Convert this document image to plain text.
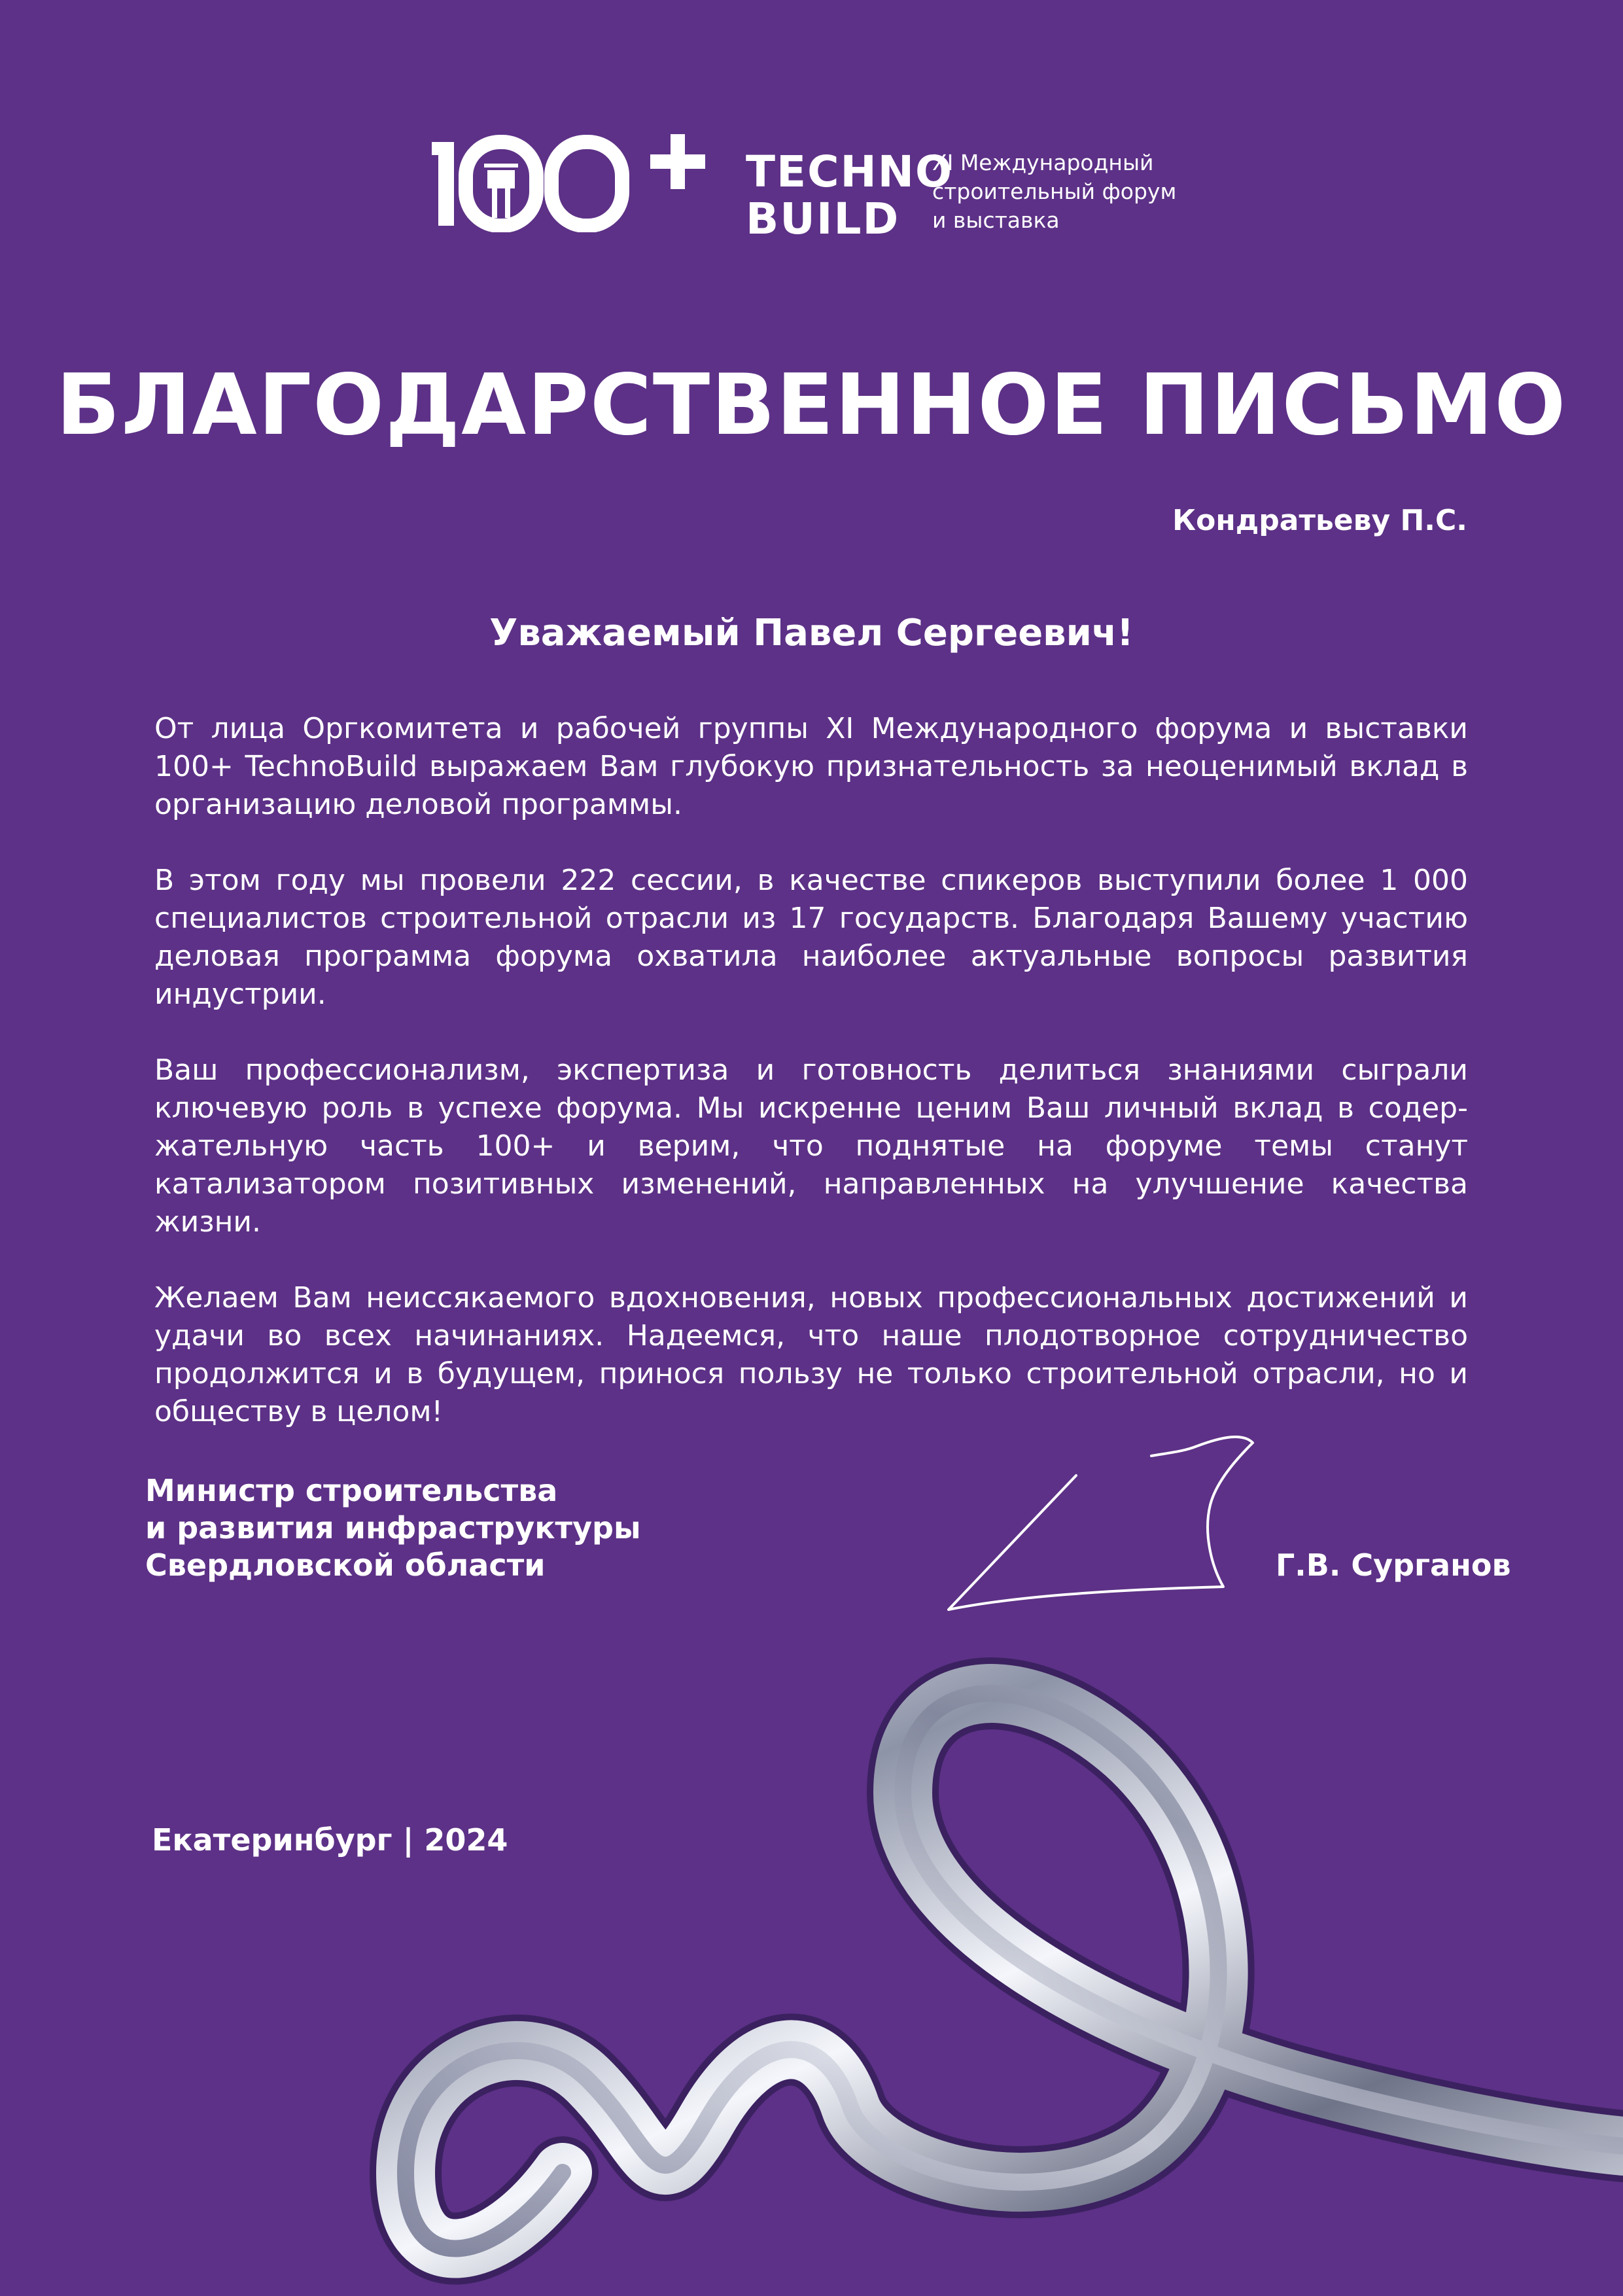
TECHNO
BUILD
XI Международный
строительный форум
и выставка
БЛАГОДАРСТВЕННОЕ ПИСЬМО
Кондратьеву П.С.
Уважаемый Павел Сергеевич!

От лица Оргкомитета и рабочей группы XI Международного форума и выставки 100+ TechnoBuild выражаем Вам глубокую признательность за неоценимый вклад в организацию деловой программы.

В этом году мы провели 222 сессии, в качестве спикеров выступили более 1 000 специалистов строительной отрасли из 17 государств. Благодаря Вашему участию деловая программа форума охватила наиболее актуальные вопросы развития индустрии.

Ваш профессионализм, экспертиза и готовность делиться знаниями сыграли ключевую роль в успехе форума. Мы искренне ценим Ваш личный вклад в содер-жательную часть 100+ и верим, что поднятые на форуме темы станут катализатором позитивных изменений, направленных на улучшение качества жизни.

Желаем Вам неиссякаемого вдохновения, новых профессиональных достижений и удачи во всех начинаниях. Надеемся, что наше плодотворное сотрудничество продолжится и в будущем, принося пользу не только строительной отрасли, но и обществу в целом!

Министр строительства
и развития инфраструктуры
Свердловской области	Г.В. Сурганов
Екатеринбург | 2024
